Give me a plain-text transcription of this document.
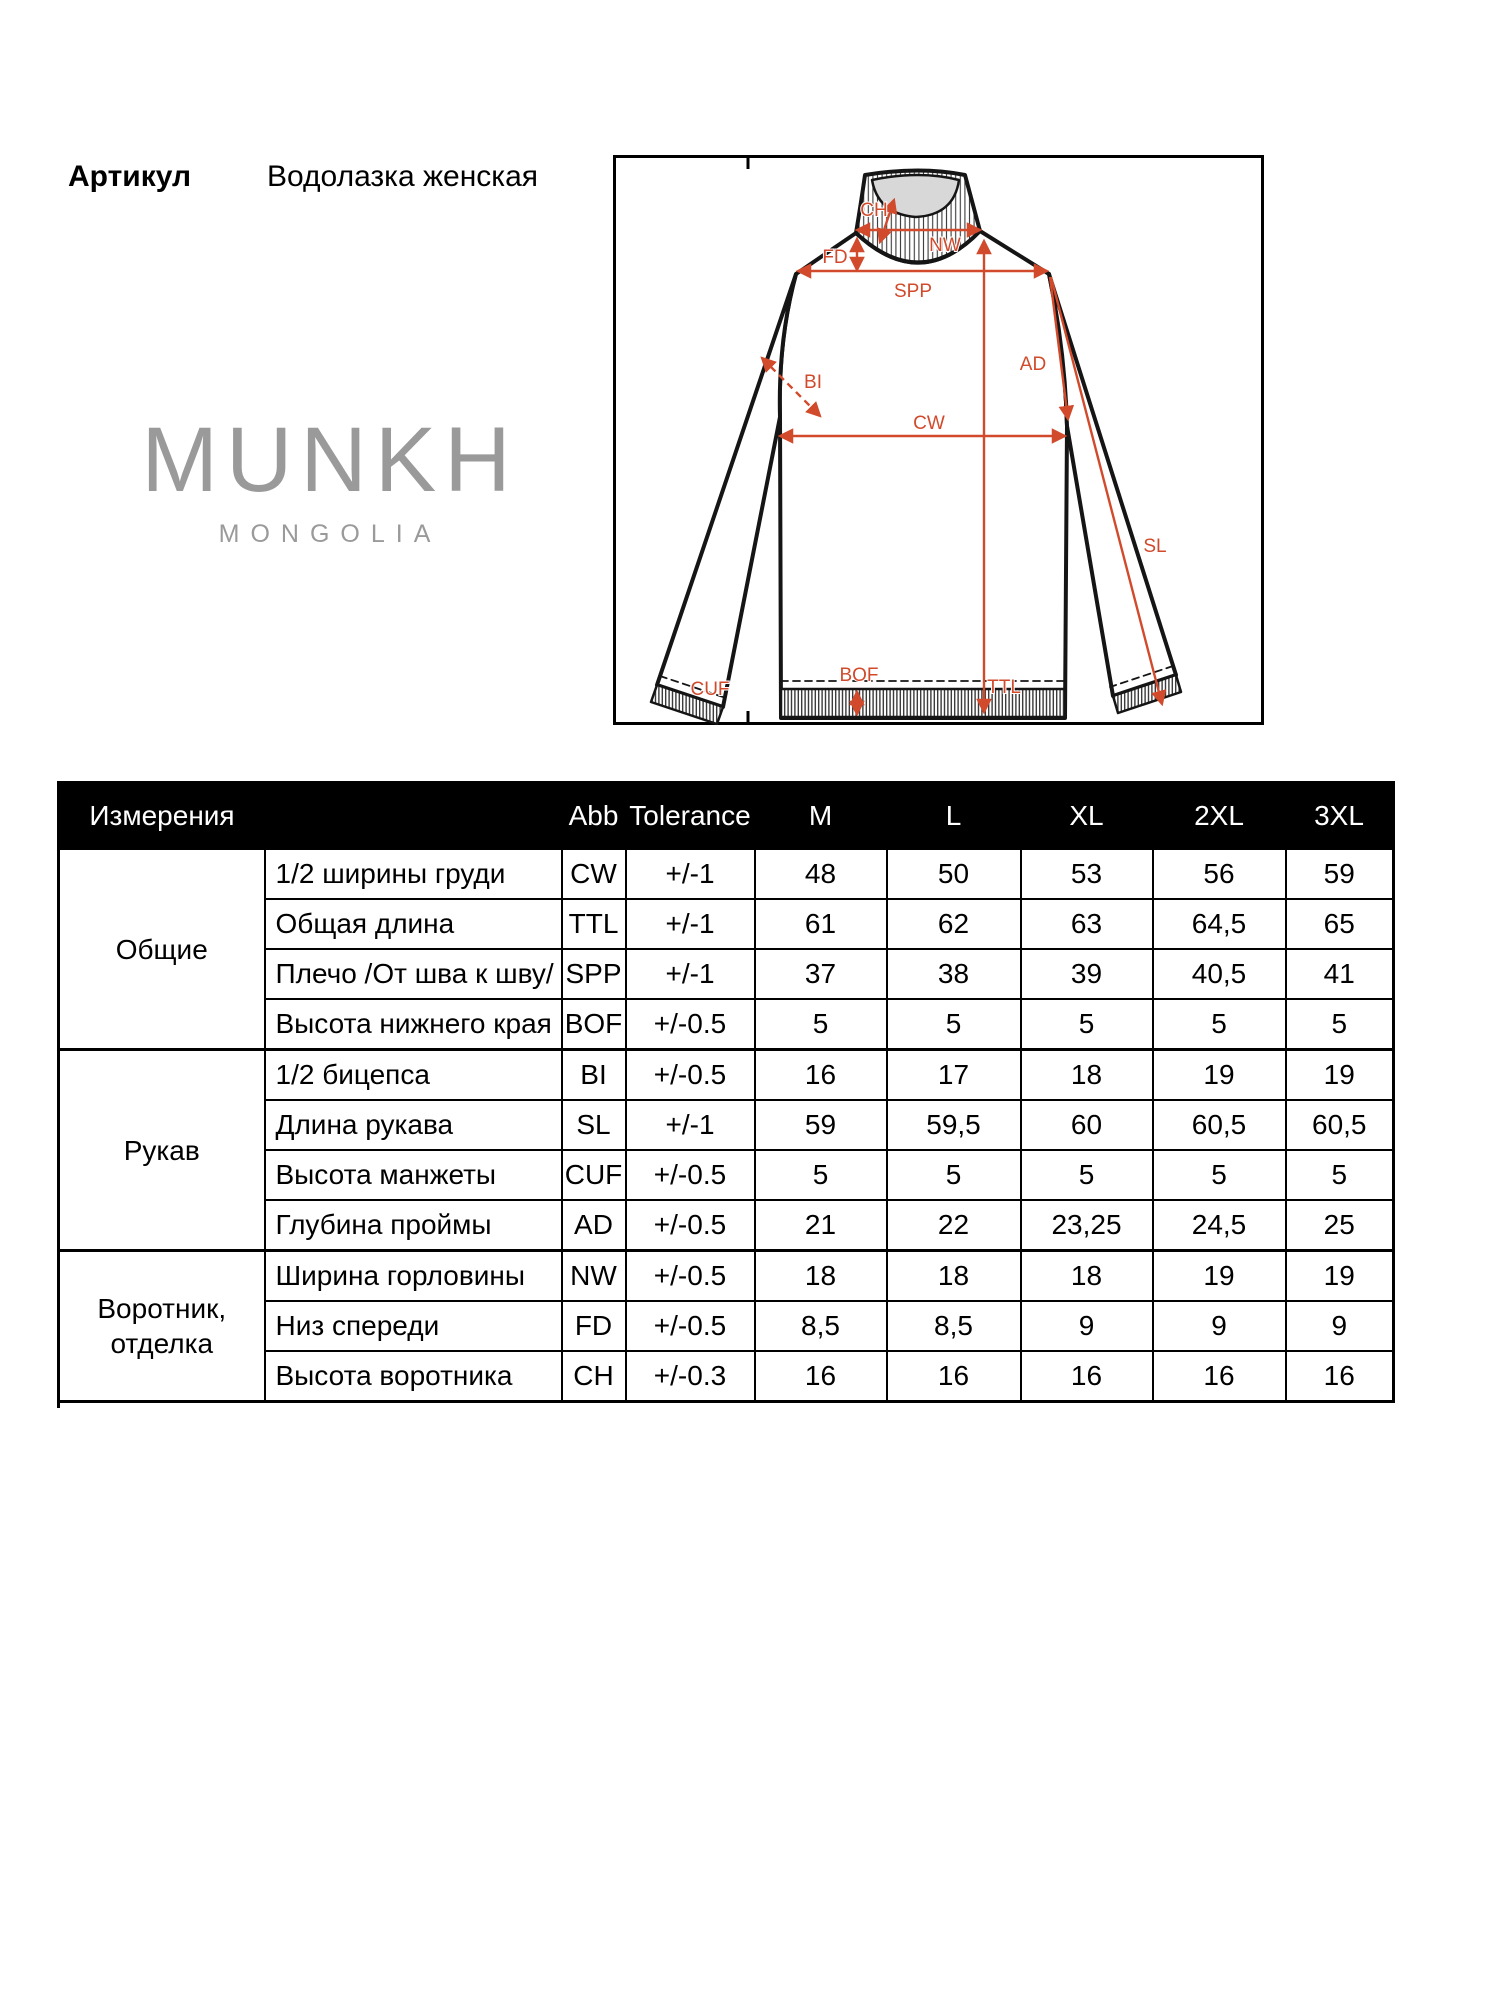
Артикул	Водолазка женская
MUNKH
MONGOLIA
CH
NW
FD
SPP
AD
BI
CW
SL
TTL
BOF
CUF
Измерения		Abb	Tolerance	M	L	XL	2XL	3XL
Общие	1/2 ширины груди	CW	+/-1	48	50	53	56	59
	Общая длина	TTL	+/-1	61	62	63	64,5	65
	Плечо /От шва к шву/	SPP	+/-1	37	38	39	40,5	41
	Высота нижнего края	BOF	+/-0.5	5	5	5	5	5
Рукав	1/2 бицепса	BI	+/-0.5	16	17	18	19	19
	Длина рукава	SL	+/-1	59	59,5	60	60,5	60,5
	Высота манжеты	CUF	+/-0.5	5	5	5	5	5
	Глубина проймы	AD	+/-0.5	21	22	23,25	24,5	25
Воротник, отделка	Ширина горловины	NW	+/-0.5	18	18	18	19	19
	Низ спереди	FD	+/-0.5	8,5	8,5	9	9	9
	Высота воротника	CH	+/-0.3	16	16	16	16	16
